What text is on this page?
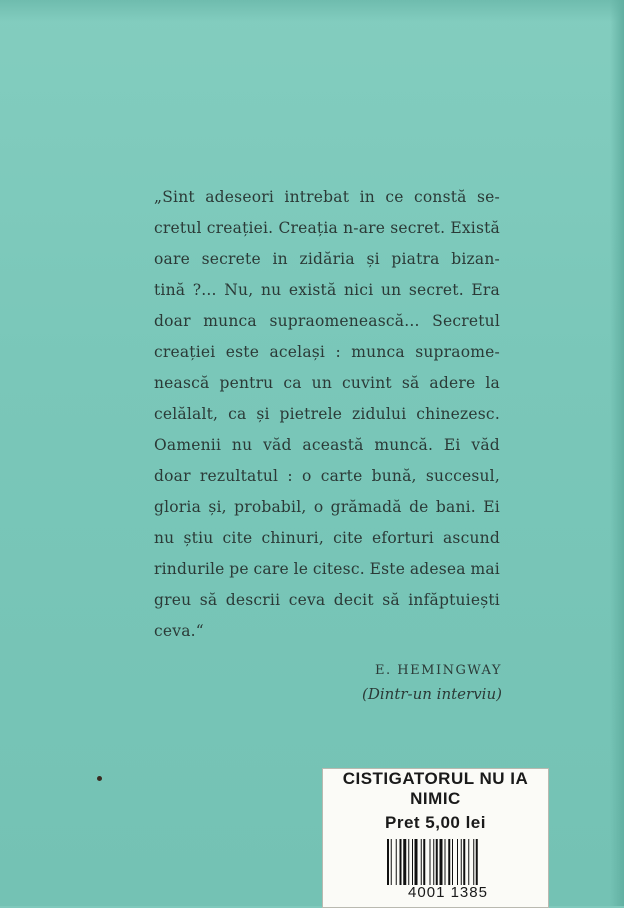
„Sint adeseori intrebat in ce constă se-
cretul creației. Creația n-are secret. Există
oare secrete in zidăria și piatra bizan-
tină ?... Nu, nu există nici un secret. Era
doar munca supraomenească... Secretul
creației este același : munca supraome-
nească pentru ca un cuvint să adere la
celălalt, ca și pietrele zidului chinezesc.
Oamenii nu văd această muncă. Ei văd
doar rezultatul : o carte bună, succesul,
gloria și, probabil, o grămadă de bani. Ei
nu știu cite chinuri, cite eforturi ascund
rindurile pe care le citesc. Este adesea mai
greu să descrii ceva decit să infăptuiești
ceva.“
E. HEMINGWAY
(Dintr-un interviu)
CISTIGATORUL NU IA
NIMIC
Pret 5,00 lei
4001 1385
